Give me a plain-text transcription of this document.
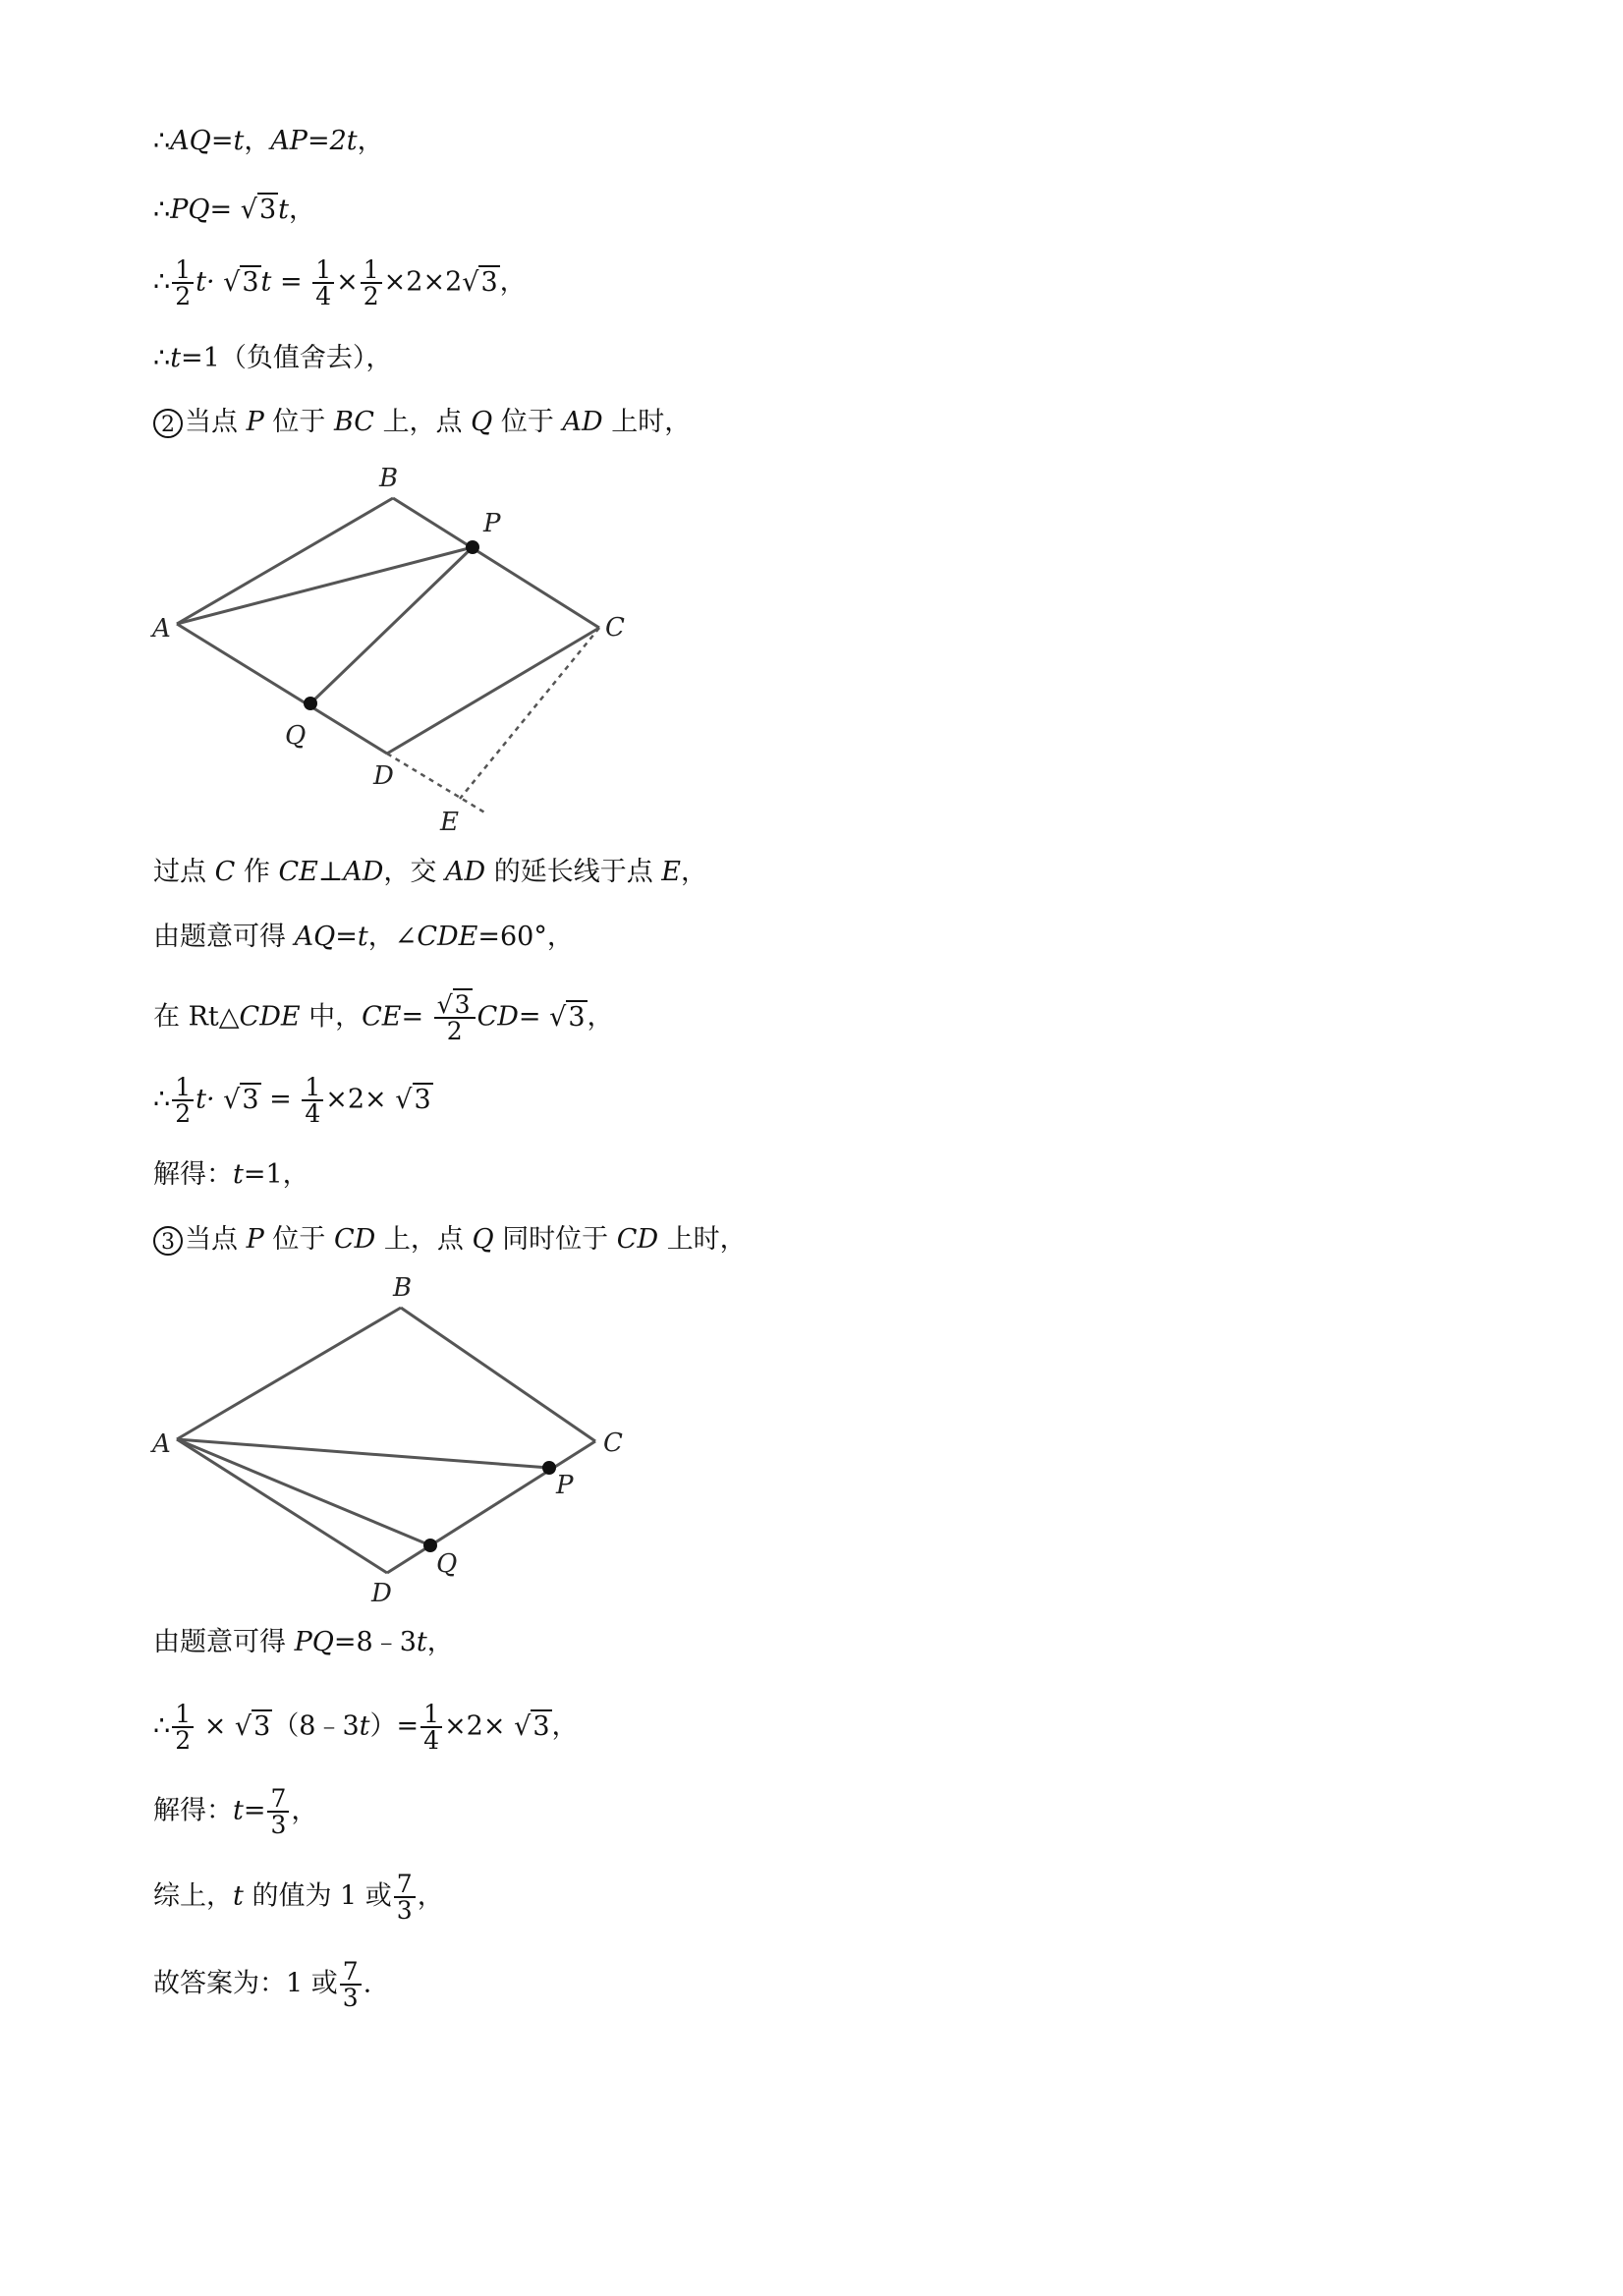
∴AQ=t，AP=2t，
∴PQ= √3t，
∴ $\frac{1}{2} t\cdot √3t = \frac{1}{4} \times \frac{1}{2} \times 2\times 2√3$，
∴t=1（负值舍去），
2 当点 P 位于 BC 上，点 Q 位于 AD 上时，
B
P
A	C
Q
D
E
过点 C 作 CE⊥AD，交 AD 的延长线于点 E，
由题意可得 AQ=t，∠CDE=60°，
在 Rt△CDE 中，$CE= \frac{√3}{2} CD= √3$，
∴ $\frac{1}{2} t\cdot √3 = \frac{1}{4} \times 2\times √3$
解得：t=1，
3 当点 P 位于 CD 上，点 Q 同时位于 CD 上时，
B
A	C
P
Q
D
由题意可得 PQ=8﹣3t，
∴ $\frac{1}{2}$ × √3（8﹣3t）= $\frac{1}{4} \times 2\times √3$，
解得：$t= \frac{7}{3}$ ，
综上，t 的值为 1 或 $\frac{7}{3}$ ，
故答案为：1 或 $\frac{7}{3}$ .
